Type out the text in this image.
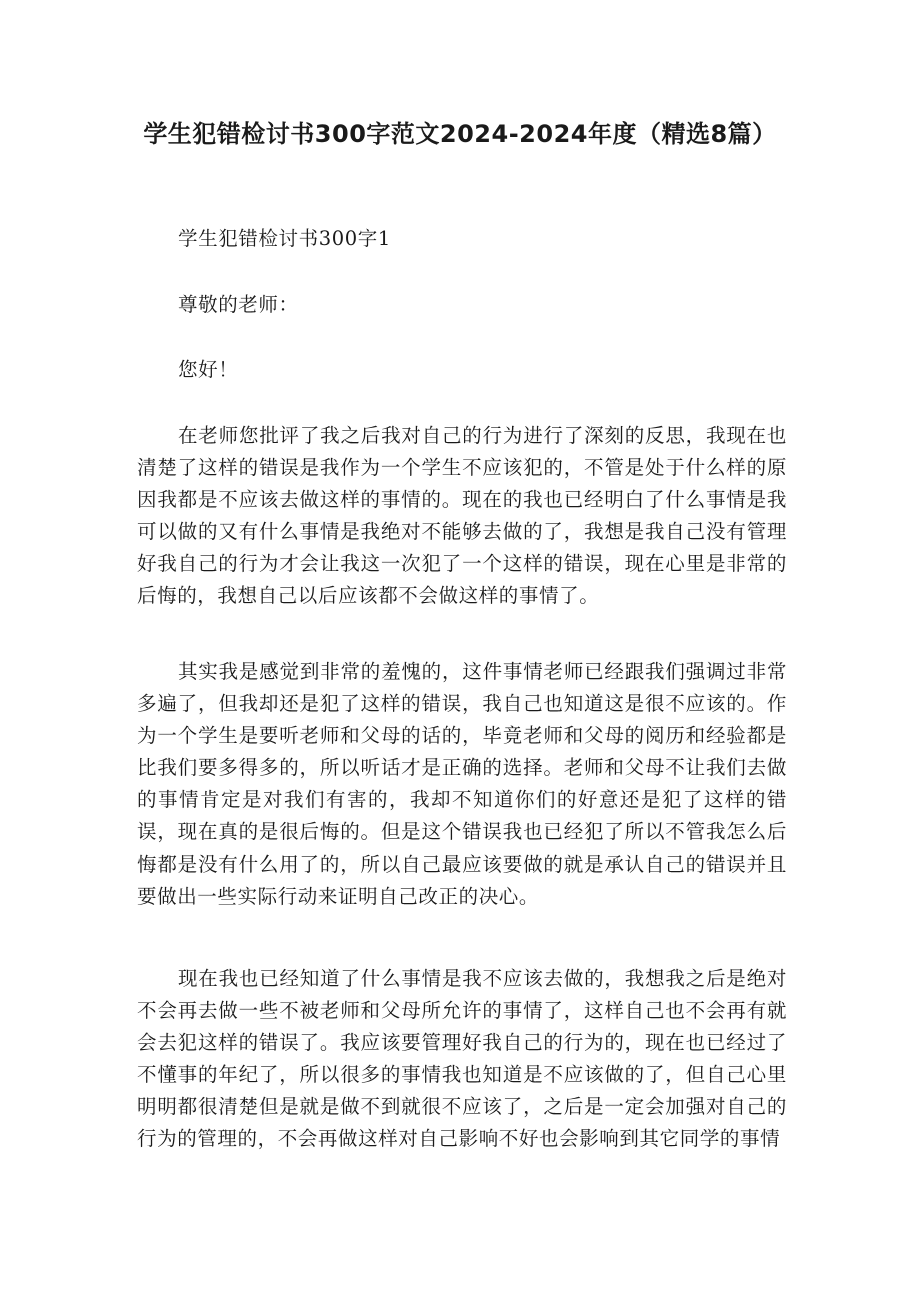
学生犯错检讨书300字范文2024-2024年度（精选8篇）
学生犯错检讨书300字1
尊敬的老师：
您好！
在老师您批评了我之后我对自己的行为进行了深刻的反思，我现在也清楚了这样的错误是我作为一个学生不应该犯的，不管是处于什么样的原因我都是不应该去做这样的事情的。现在的我也已经明白了什么事情是我可以做的又有什么事情是我绝对不能够去做的了，我想是我自己没有管理好我自己的行为才会让我这一次犯了一个这样的错误，现在心里是非常的后悔的，我想自己以后应该都不会做这样的事情了。
其实我是感觉到非常的羞愧的，这件事情老师已经跟我们强调过非常多遍了，但我却还是犯了这样的错误，我自己也知道这是很不应该的。作为一个学生是要听老师和父母的话的，毕竟老师和父母的阅历和经验都是比我们要多得多的，所以听话才是正确的选择。老师和父母不让我们去做的事情肯定是对我们有害的，我却不知道你们的好意还是犯了这样的错误，现在真的是很后悔的。但是这个错误我也已经犯了所以不管我怎么后悔都是没有什么用了的，所以自己最应该要做的就是承认自己的错误并且要做出一些实际行动来证明自己改正的决心。
现在我也已经知道了什么事情是我不应该去做的，我想我之后是绝对不会再去做一些不被老师和父母所允许的事情了，这样自己也不会再有就会去犯这样的错误了。我应该要管理好我自己的行为的，现在也已经过了不懂事的年纪了，所以很多的事情我也知道是不应该做的了，但自己心里明明都很清楚但是就是做不到就很不应该了，之后是一定会加强对自己的行为的管理的，不会再做这样对自己影响不好也会影响到其它同学的事情
